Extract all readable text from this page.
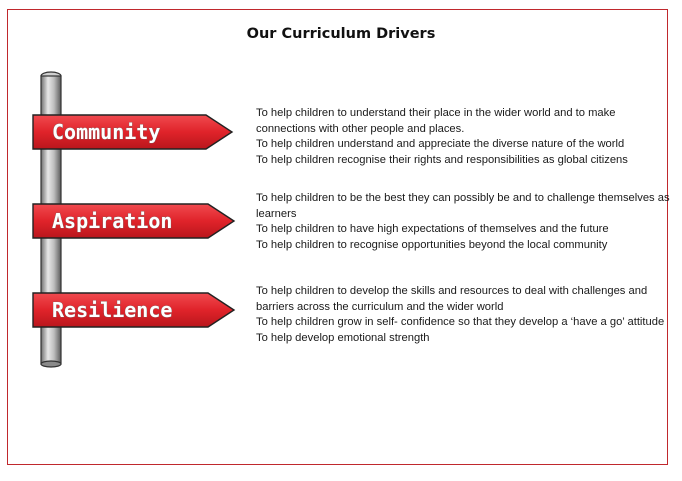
Our Curriculum Drivers
Community
Aspiration
Resilience
To help children to understand their place in the wider world and to make
connections with other people and places.
To help children understand and appreciate the diverse nature of the world
To help children recognise their rights and responsibilities as global citizens
To help children to be the best they can possibly be and to challenge themselves as
learners
To help children to have high expectations of themselves and the future
To help children to recognise opportunities beyond the local community
To help children to develop the skills and resources to deal with challenges and
barriers across the curriculum and the wider world
To help children grow in self- confidence so that they develop a ‘have a go’ attitude
To help develop emotional strength
